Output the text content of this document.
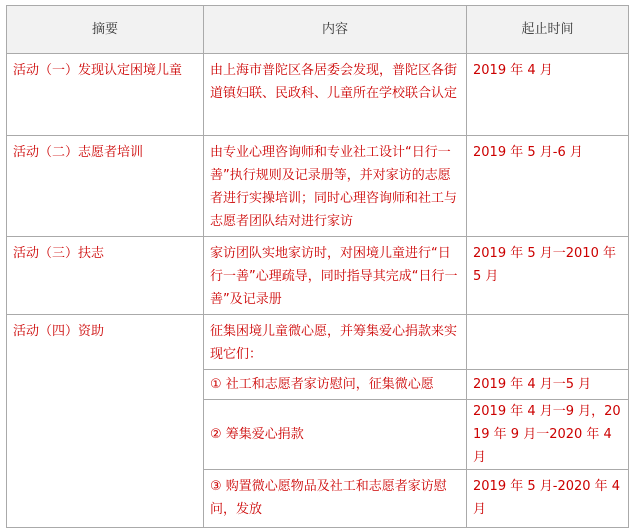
摘要	内容	起止时间
活动（一）发现认定困境儿童	由上海市普陀区各居委会发现，普陀区各街道镇妇联、民政科、儿童所在学校联合认定	2019 年 4 月
活动（二）志愿者培训	由专业心理咨询师和专业社工设计“日行一善”执行规则及记录册等，并对家访的志愿者进行实操培训；同时心理咨询师和社工与志愿者团队结对进行家访	2019 年 5 月-6 月
活动（三）扶志	家访团队实地家访时，对困境儿童进行“日行一善”心理疏导，同时指导其完成“日行一善”及记录册	2019 年 5 月一2010 年 5 月
活动（四）资助	征集困境儿童微心愿，并筹集爱心捐款来实现它们：	
	① 社工和志愿者家访慰问，征集微心愿	2019 年 4 月一5 月
	② 筹集爱心捐款	2019 年 4 月一9 月，2019 年 9 月一2020 年 4 月
	③ 购置微心愿物品及社工和志愿者家访慰问，发放	2019 年 5 月-2020 年 4 月
